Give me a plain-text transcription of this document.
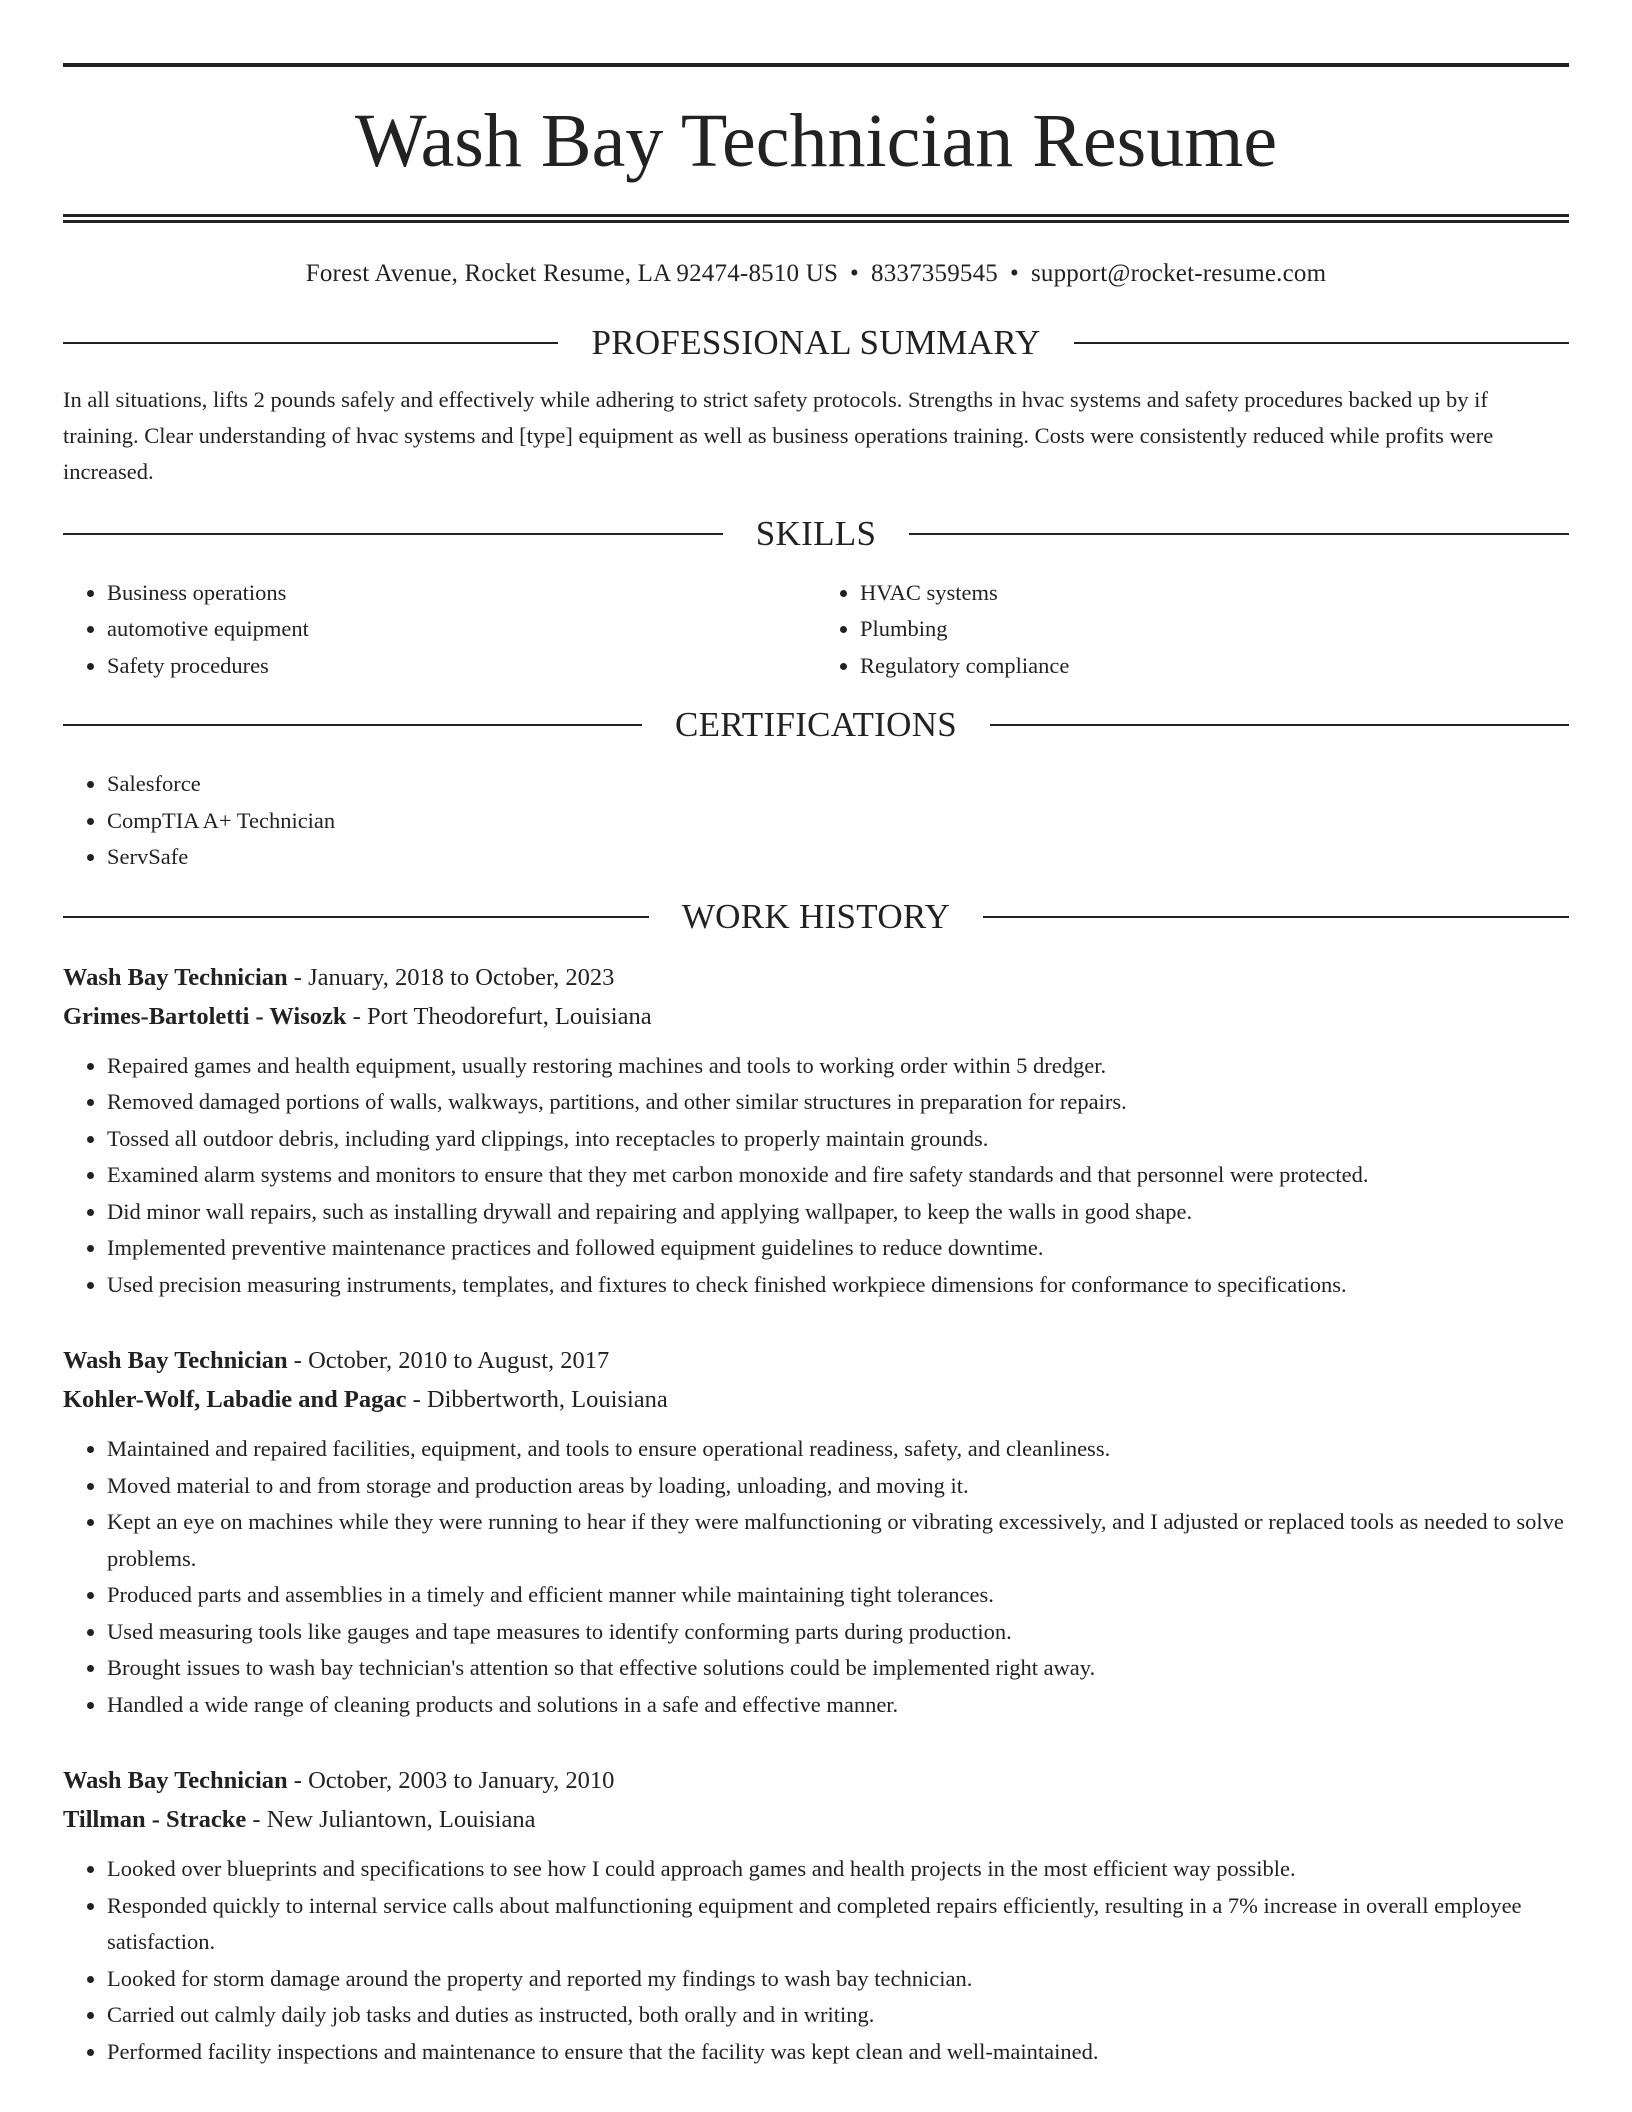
Wash Bay Technician Resume
Forest Avenue, Rocket Resume, LA 92474-8510 US • 8337359545 • support@rocket-resume.com
PROFESSIONAL SUMMARY

In all situations, lifts 2 pounds safely and effectively while adhering to strict safety protocols. Strengths in hvac systems and safety procedures backed up by if training. Clear understanding of hvac systems and [type] equipment as well as business operations training. Costs were consistently reduced while profits were increased.

SKILLS
• Business operations
• automotive equipment
• Safety procedures
• HVAC systems
• Plumbing
• Regulatory compliance
CERTIFICATIONS
• Salesforce
• CompTIA A+ Technician
• ServSafe
WORK HISTORY
Wash Bay Technician - January, 2018 to October, 2023
Grimes-Bartoletti - Wisozk - Port Theodorefurt, Louisiana
• Repaired games and health equipment, usually restoring machines and tools to working order within 5 dredger.
• Removed damaged portions of walls, walkways, partitions, and other similar structures in preparation for repairs.
• Tossed all outdoor debris, including yard clippings, into receptacles to properly maintain grounds.
• Examined alarm systems and monitors to ensure that they met carbon monoxide and fire safety standards and that personnel were protected.
• Did minor wall repairs, such as installing drywall and repairing and applying wallpaper, to keep the walls in good shape.
• Implemented preventive maintenance practices and followed equipment guidelines to reduce downtime.
• Used precision measuring instruments, templates, and fixtures to check finished workpiece dimensions for conformance to specifications.
Wash Bay Technician - October, 2010 to August, 2017
Kohler-Wolf, Labadie and Pagac - Dibbertworth, Louisiana
• Maintained and repaired facilities, equipment, and tools to ensure operational readiness, safety, and cleanliness.
• Moved material to and from storage and production areas by loading, unloading, and moving it.
• Kept an eye on machines while they were running to hear if they were malfunctioning or vibrating excessively, and I adjusted or replaced tools as needed to solve problems.
• Produced parts and assemblies in a timely and efficient manner while maintaining tight tolerances.
• Used measuring tools like gauges and tape measures to identify conforming parts during production.
• Brought issues to wash bay technician's attention so that effective solutions could be implemented right away.
• Handled a wide range of cleaning products and solutions in a safe and effective manner.
Wash Bay Technician - October, 2003 to January, 2010
Tillman - Stracke - New Juliantown, Louisiana
• Looked over blueprints and specifications to see how I could approach games and health projects in the most efficient way possible.
• Responded quickly to internal service calls about malfunctioning equipment and completed repairs efficiently, resulting in a 7% increase in overall employee satisfaction.
• Looked for storm damage around the property and reported my findings to wash bay technician.
• Carried out calmly daily job tasks and duties as instructed, both orally and in writing.
• Performed facility inspections and maintenance to ensure that the facility was kept clean and well-maintained.
